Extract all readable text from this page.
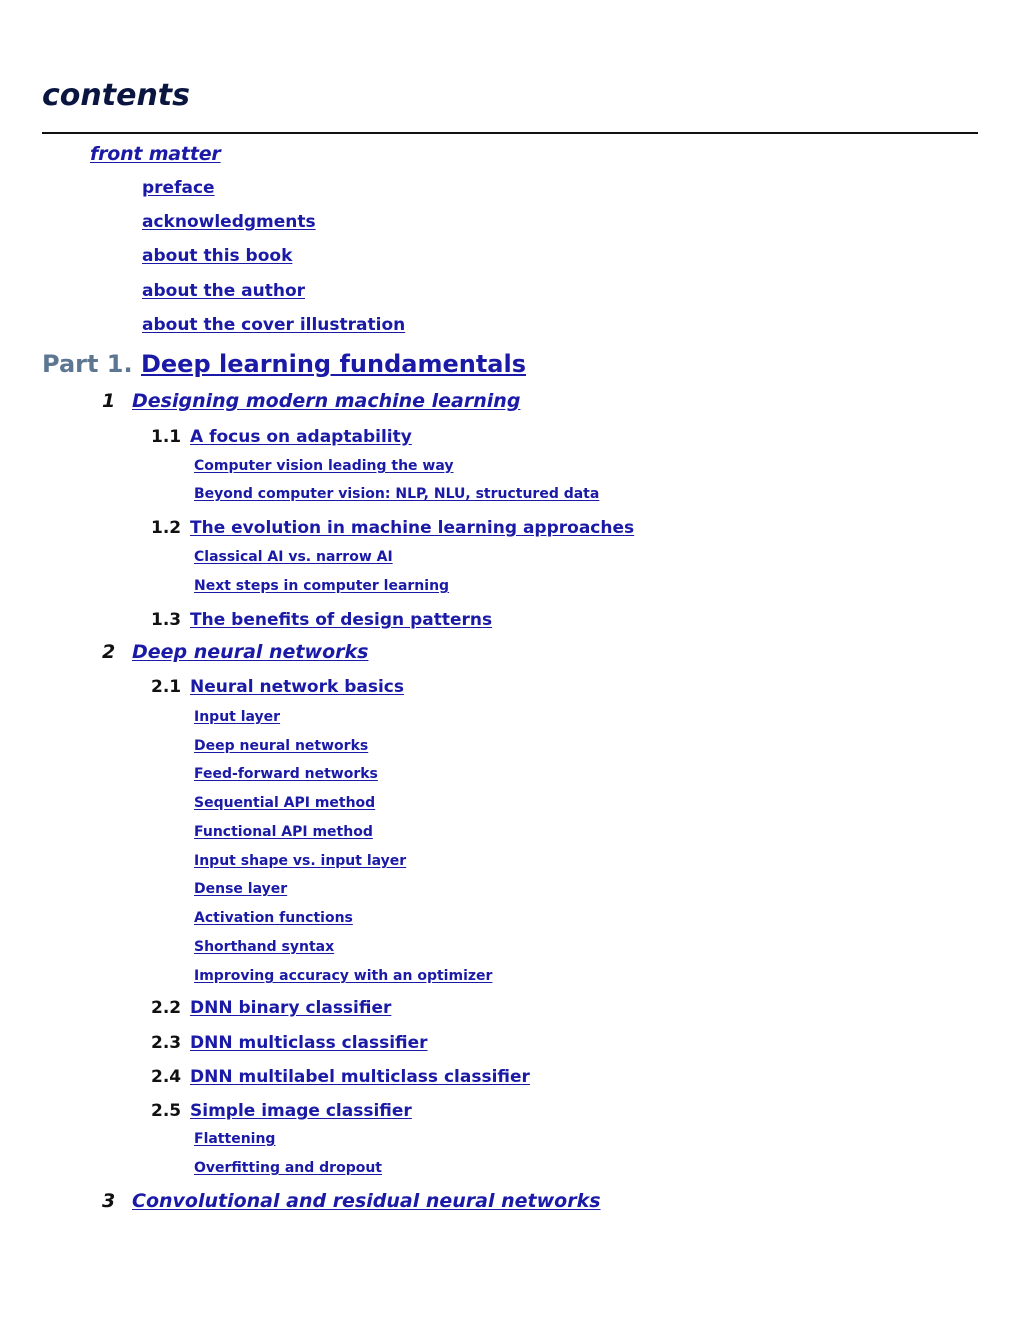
contents
front matter
preface
acknowledgments
about this book
about the author
about the cover illustration
Part 1. Deep learning fundamentals
1 Designing modern machine learning
1.1 A focus on adaptability
Computer vision leading the way
Beyond computer vision: NLP, NLU, structured data
1.2 The evolution in machine learning approaches
Classical AI vs. narrow AI
Next steps in computer learning
1.3 The benefits of design patterns
2 Deep neural networks
2.1 Neural network basics
Input layer
Deep neural networks
Feed-forward networks
Sequential API method
Functional API method
Input shape vs. input layer
Dense layer
Activation functions
Shorthand syntax
Improving accuracy with an optimizer
2.2 DNN binary classifier
2.3 DNN multiclass classifier
2.4 DNN multilabel multiclass classifier
2.5 Simple image classifier
Flattening
Overfitting and dropout
3 Convolutional and residual neural networks
